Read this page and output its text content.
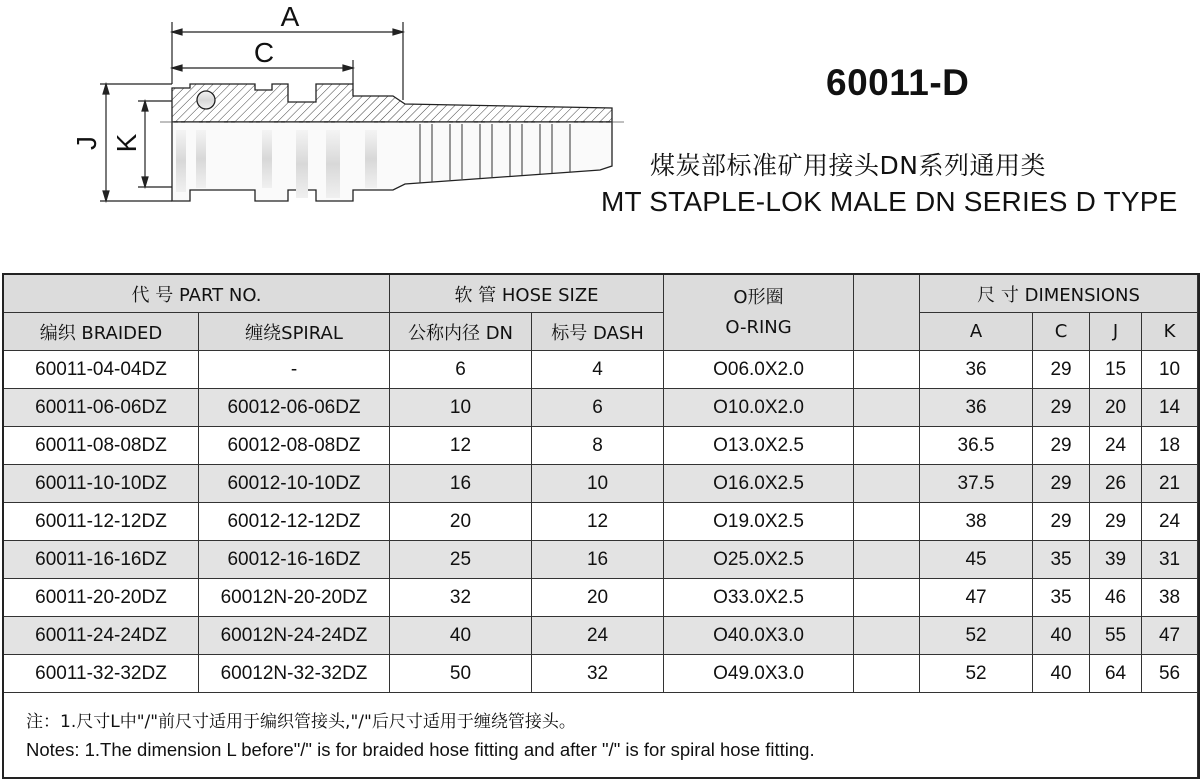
A
C
J K
60011-D
煤炭部标准矿用接头DN系列通用类
MT STAPLE-LOK MALE DN SERIES D TYPE
代 号 PART NO.		软 管 HOSE SIZE		O形圈
O-RING		尺 寸 DIMENSIONS			
编织 BRAIDED	缠绕SPIRAL	公称内径 DN	标号 DASH			A	C	J	K
60011-04-04DZ	-	6	4	O06.0X2.0		36	29	15	10
60011-06-06DZ	60012-06-06DZ	10	6	O10.0X2.0		36	29	20	14
60011-08-08DZ	60012-08-08DZ	12	8	O13.0X2.5		36.5	29	24	18
60011-10-10DZ	60012-10-10DZ	16	10	O16.0X2.5		37.5	29	26	21
60011-12-12DZ	60012-12-12DZ	20	12	O19.0X2.5		38	29	29	24
60011-16-16DZ	60012-16-16DZ	25	16	O25.0X2.5		45	35	39	31
60011-20-20DZ	60012N-20-20DZ	32	20	O33.0X2.5		47	35	46	38
60011-24-24DZ	60012N-24-24DZ	40	24	O40.0X3.0		52	40	55	47
60011-32-32DZ	60012N-32-32DZ	50	32	O49.0X3.0		52	40	64	56

注：1.尺寸L中"/"前尺寸适用于编织管接头,"/"后尺寸适用于缠绕管接头。
Notes: 1.The dimension L before"/" is for braided hose fitting and after "/" is for spiral hose fitting.									
